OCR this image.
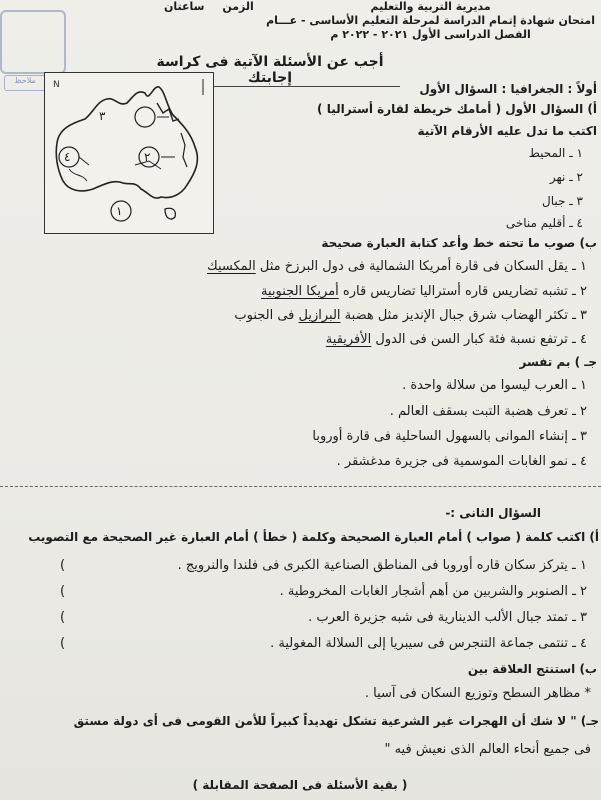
ملاحظ
مديرية التربية والتعليم
امتحان شهادة إتمام الدراسة لمرحلة التعليم الأساسى - عـــام
الفصل الدراسى الأول ٢٠٢١ - ٢٠٢٢ م
الزمن ساعتان
أجب عن الأسئلة الآتية فى كراسة إجابتك
N
٣
٤	٢
١
أولاً : الجغرافيا : السؤال الأول
أ) السؤال الأول ( أمامك خريطة لقارة أستراليا )
اكتب ما تدل عليه الأرقام الآتية
١ ـ المحيط
٢ ـ نهر
٣ ـ جبال
٤ ـ أقليم مناخى
ب) صوب ما تحته خط وأعد كتابة العبارة صحيحة
١ ـ يقل السكان فى قارة أمريكا الشمالية فى دول البرزخ مثل المكسيك
٢ ـ تشبه تضاريس قاره أستراليا تضاريس قاره أمريكا الجنوبية
٣ ـ تكثر الهضاب شرق جبال الإنديز مثل هضبة البرازيل فى الجنوب
٤ ـ ترتفع نسبة فئة كبار السن فى الدول الأفريقية
جـ ) بم تفسر
١ ـ العرب ليسوا من سلالة واحدة .
٢ ـ تعرف هضبة التبت بسقف العالم .
٣ ـ إنشاء الموانى بالسهول الساحلية فى قارة أوروبا
٤ ـ نمو الغابات الموسمية فى جزيرة مدغشقر .
السؤال الثانى :-
أ) اكتب كلمة ( صواب ) أمام العبارة الصحيحة وكلمة ( خطأ ) أمام العبارة غير الصحيحة مع التصويب
١ ـ يتركز سكان قاره أوروبا فى المناطق الصناعية الكبرى فى فلندا والنرويج .
(
٢ ـ الصنوبر والشربين من أهم أشجار الغابات المخروطية .
(
٣ ـ تمتد جبال الألب الدينارية فى شبه جزيرة العرب .
(
٤ ـ تنتمى جماعة التنجرس فى سيبريا إلى السلالة المغولية .
(
ب) استنتج العلاقة بين
* مظاهر السطح وتوزيع السكان فى آسيا .
جـ) " لا شك أن الهجرات غير الشرعية تشكل تهديداً كبيراً للأمن القومى فى أى دولة مستق
فى جميع أنحاء العالم الذى نعيش فيه "
( بقية الأسئلة فى الصفحة المقابلة )
